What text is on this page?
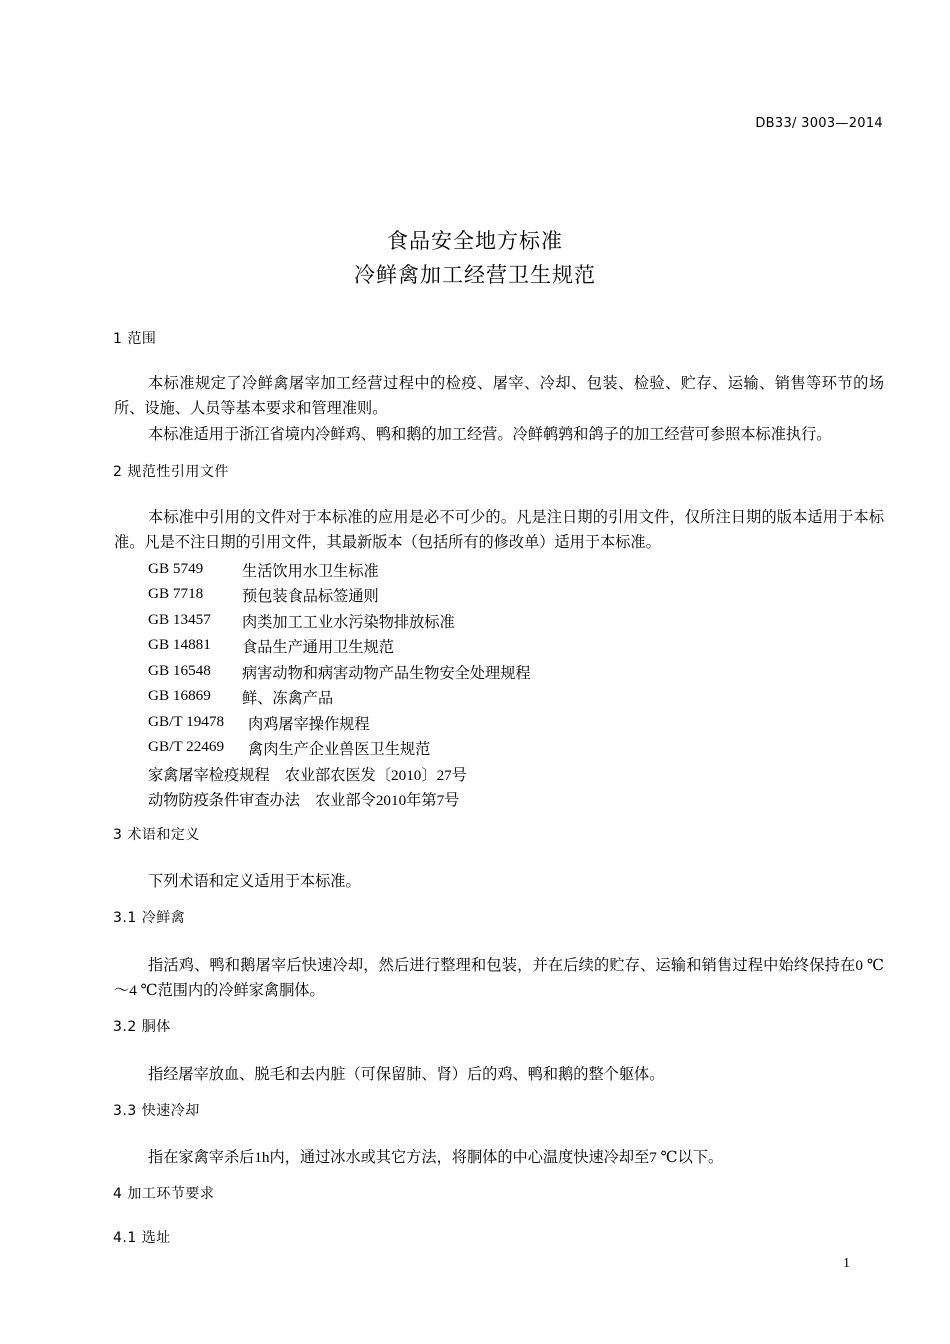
DB33/ 3003—2014
食品安全地方标准
冷鲜禽加工经营卫生规范
1 范围
本标准规定了冷鲜禽屠宰加工经营过程中的检疫、屠宰、冷却、包装、检验、贮存、运输、销售等环节的场所、设施、人员等基本要求和管理准则。
本标准适用于浙江省境内冷鲜鸡、鸭和鹅的加工经营。冷鲜鹌鹑和鸽子的加工经营可参照本标准执行。
2 规范性引用文件
本标准中引用的文件对于本标准的应用是必不可少的。凡是注日期的引用文件，仅所注日期的版本适用于本标准。凡是不注日期的引用文件，其最新版本（包括所有的修改单）适用于本标准。
GB 5749	生活饮用水卫生标准
GB 7718	预包装食品标签通则
GB 13457 肉类加工工业水污染物排放标准
GB 14881 食品生产通用卫生规范
GB 16548 病害动物和病害动物产品生物安全处理规程
GB 16869 鲜、冻禽产品
GB/T 19478 肉鸡屠宰操作规程
GB/T 22469 禽肉生产企业兽医卫生规范
家禽屠宰检疫规程　农业部农医发〔2010〕27号
动物防疫条件审查办法　农业部令2010年第7号
3 术语和定义
下列术语和定义适用于本标准。
3.1 冷鲜禽
指活鸡、鸭和鹅屠宰后快速冷却，然后进行整理和包装，并在后续的贮存、运输和销售过程中始终保持在0 ℃～4 ℃范围内的冷鲜家禽胴体。
3.2 胴体
指经屠宰放血、脱毛和去内脏（可保留肺、肾）后的鸡、鸭和鹅的整个躯体。
3.3 快速冷却
指在家禽宰杀后1h内，通过冰水或其它方法，将胴体的中心温度快速冷却至7 ℃以下。
4 加工环节要求
4.1 选址
1
